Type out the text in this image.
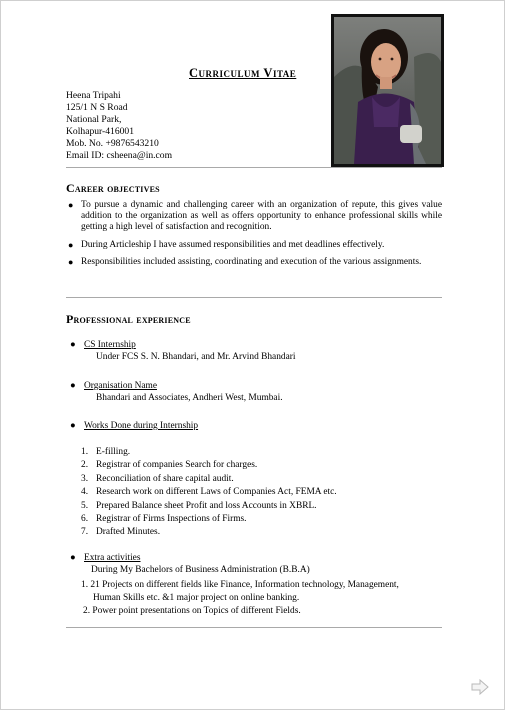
Curriculum Vitae
Heena Tripahi
125/1 N S Road
National Park,
Kolhapur-416001
Mob. No. +9876543210
Email ID: csheena@in.com
Career objectives
● To pursue a dynamic and challenging career with an organization of repute, this gives value addition to the organization as well as offers opportunity to enhance professional skills while getting a high level of satisfaction and recognition.
● During Articleship I have assumed responsibilities and met deadlines effectively.
● Responsibilities included assisting, coordinating and execution of the various assignments.
Professional experience
● CS Internship
Under FCS S. N. Bhandari, and Mr. Arvind Bhandari
● Organisation Name
Bhandari and Associates, Andheri West, Mumbai.
● Works Done during Internship
1. E-filling.
2. Registrar of companies Search for charges.
3. Reconciliation of share capital audit.
4. Research work on different Laws of Companies Act, FEMA etc.
5. Prepared Balance sheet Profit and loss Accounts in XBRL.
6. Registrar of Firms Inspections of Firms.
7. Drafted Minutes.
● Extra activities
During My Bachelors of Business Administration (B.B.A)
1. 21 Projects on different fields like Finance, Information technology, Management,
Human Skills etc. &1 major project on online banking.
2. Power point presentations on Topics of different Fields.
